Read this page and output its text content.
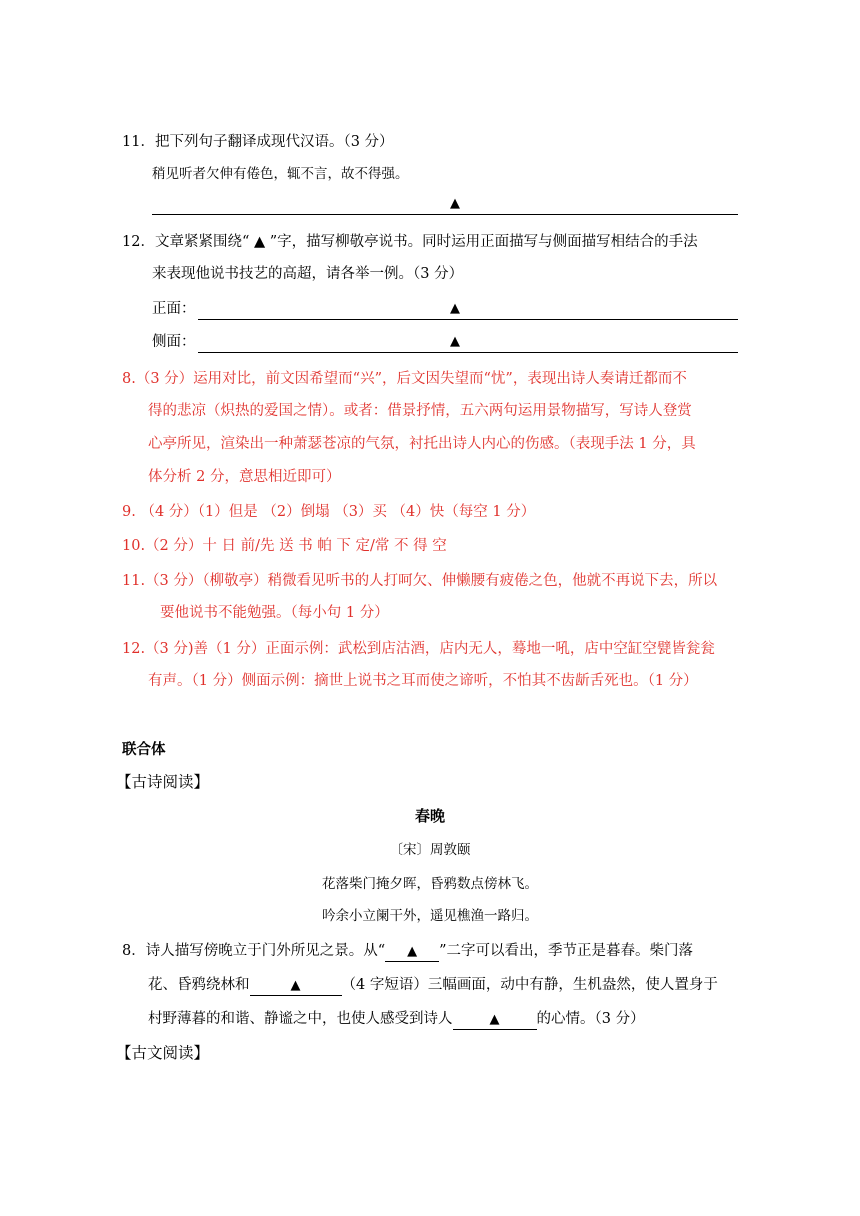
11．把下列句子翻译成现代汉语。（3 分）
稍见听者欠伸有倦色，辄不言，故不得强。
▲
12．文章紧紧围绕“ ▲ ”字，描写柳敬亭说书。同时运用正面描写与侧面描写相结合的手法
来表现他说书技艺的高超，请各举一例。（3 分）
正面：	▲
侧面：	▲
8.（3 分）运用对比，前文因希望而“兴”，后文因失望而“忧”，表现出诗人奏请迁都而不
得的悲凉（炽热的爱国之情）。或者：借景抒情，五六两句运用景物描写，写诗人登赏
心亭所见，渲染出一种萧瑟苍凉的气氛，衬托出诗人内心的伤感。（表现手法 1 分，具
体分析 2 分，意思相近即可）
9. （4 分）（1）但是 （2）倒塌 （3）买 （4）快（每空 1 分）
10.（2 分）十 日 前/先 送 书 帕 下 定/常 不 得 空
11.（3 分）（柳敬亭）稍微看见听书的人打呵欠、伸懒腰有疲倦之色，他就不再说下去，所以
要他说书不能勉强。（每小句 1 分）
12.（3 分)善（1 分）正面示例：武松到店沽酒，店内无人，蓦地一吼，店中空缸空甓皆瓮瓮
有声。（1 分）侧面示例：摘世上说书之耳而使之谛听，不怕其不齿龂舌死也。（1 分）
联合体
【古诗阅读】
春晚
〔宋〕周敦颐
花落柴门掩夕晖，昏鸦数点傍林飞。
吟余小立阑干外，遥见樵渔一路归。
8．诗人描写傍晚立于门外所见之景。从“ ▲ ”二字可以看出，季节正是暮春。柴门落
花、昏鸦绕林和	▲	（4 字短语）三幅画面，动中有静，生机盎然，使人置身于
村野薄暮的和谐、静谧之中，也使人感受到诗人	▲	的心情。（3 分）
【古文阅读】
